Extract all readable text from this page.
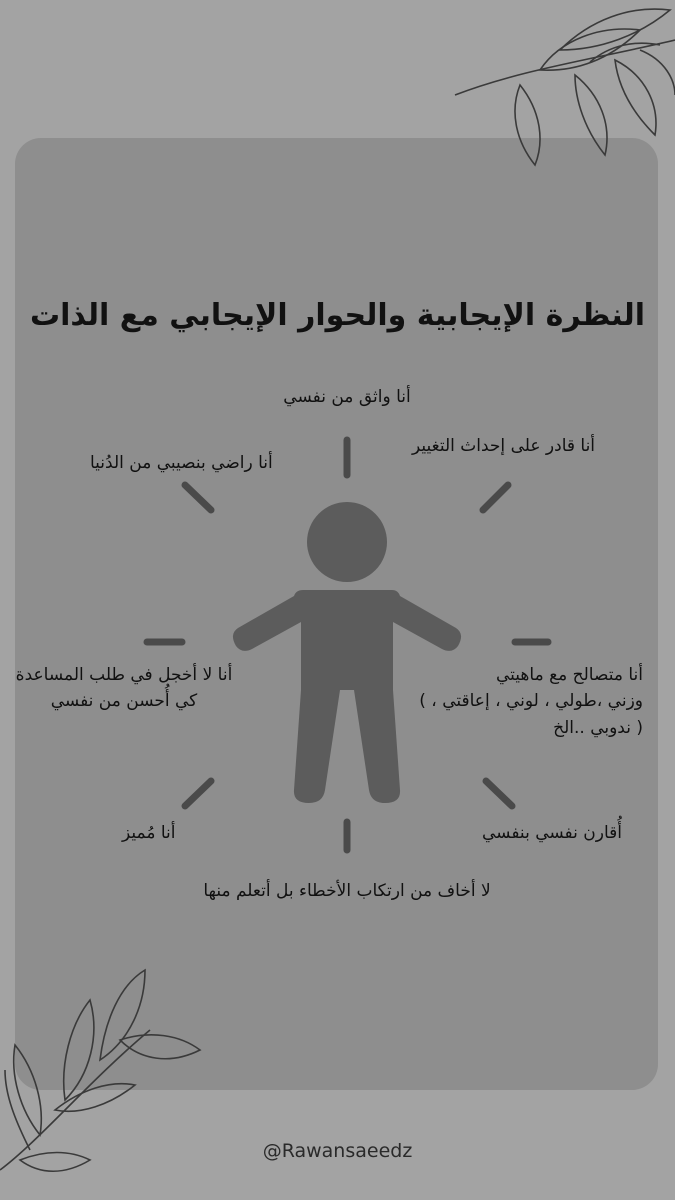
النظرة الإيجابية والحوار الإيجابي مع الذات
أنا واثق من نفسي
أنا قادر على إحداث التغيير
أنا راضي بنصيبي من الدُنيا
أنا متصالح مع ماهيتي
وزني ،طولي ، لوني ، إعاقتي ، )
( ندوبي ..الخ
أنا لا أخجل في طلب المساعدة
كي أُحسن من نفسي
أُقارن نفسي بنفسي
أنا مُميز
لا أخاف من ارتكاب الأخطاء بل أتعلم منها
@Rawansaeedz
